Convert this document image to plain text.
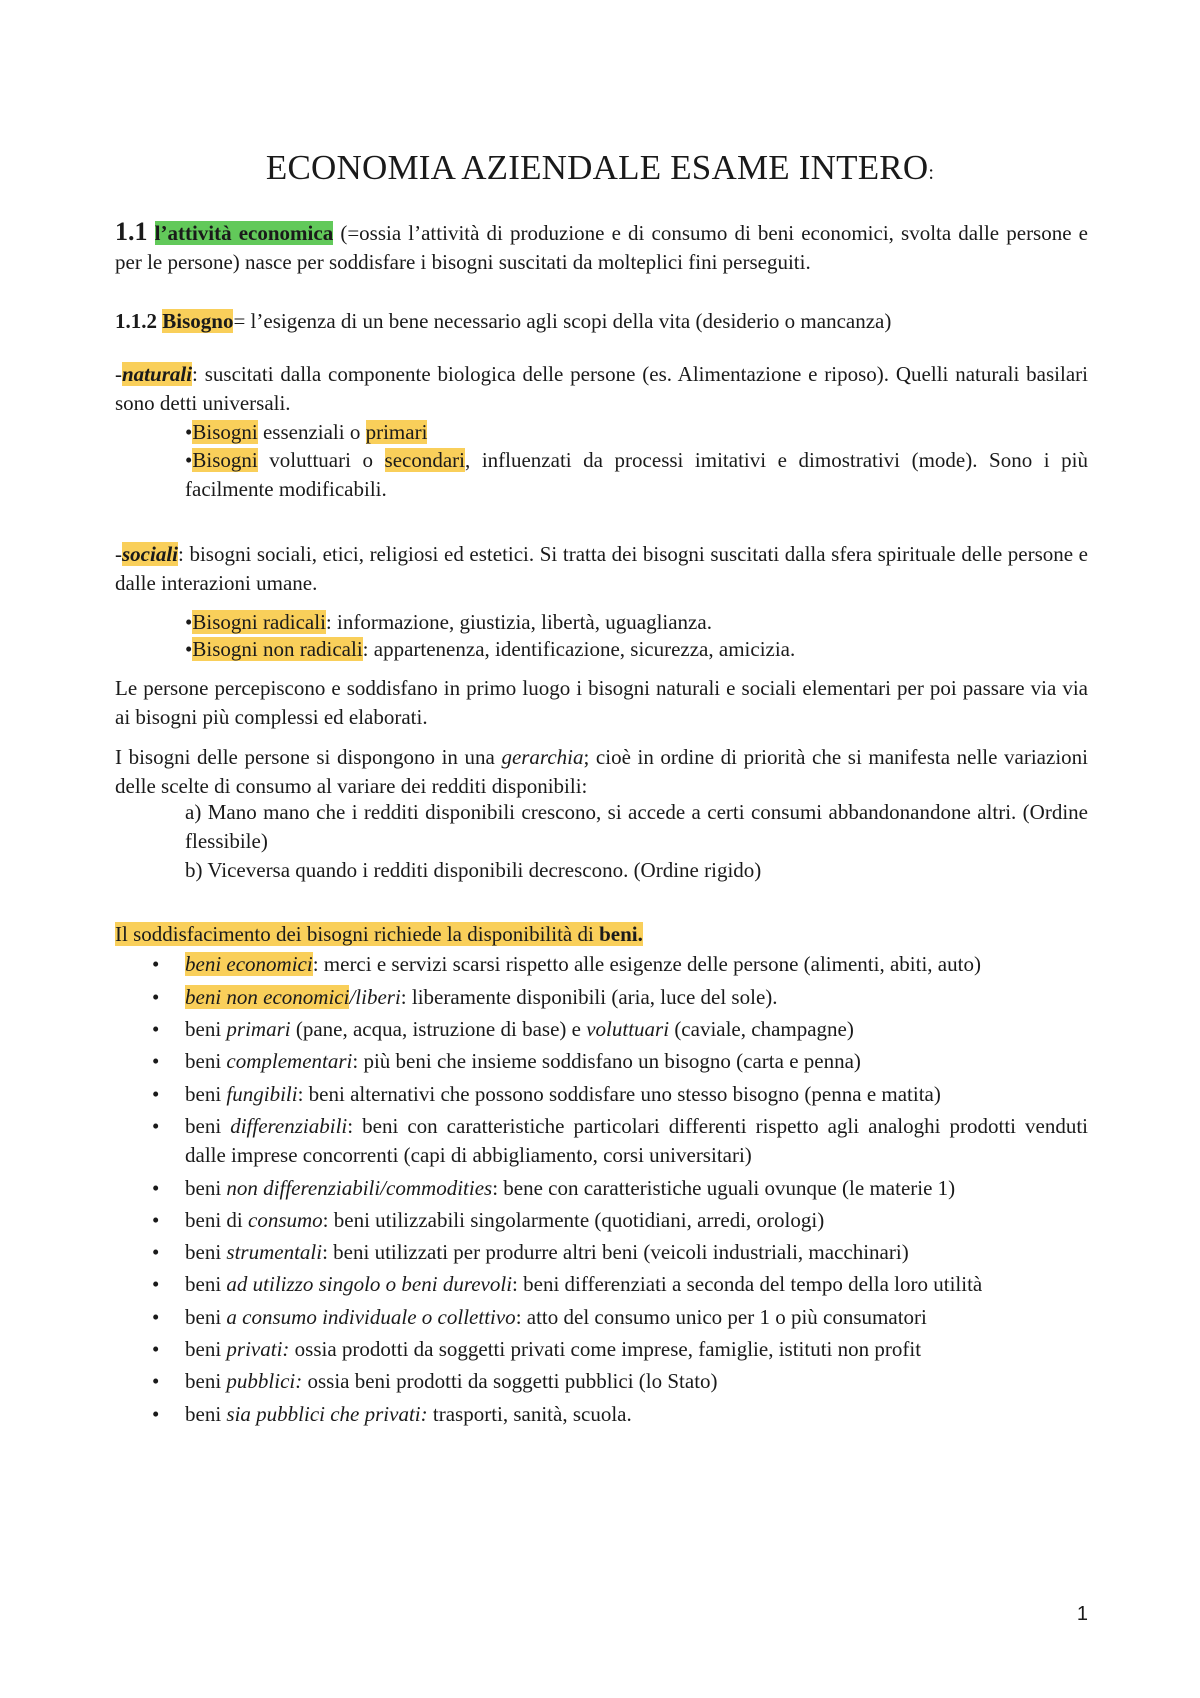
ECONOMIA AZIENDALE ESAME INTERO:
1.1 l’attività economica (=ossia l’attività di produzione e di consumo di beni economici, svolta dalle persone e per le persone) nasce per soddisfare i bisogni suscitati da molteplici fini perseguiti.
1.1.2 Bisogno= l’esigenza di un bene necessario agli scopi della vita (desiderio o mancanza)
-naturali: suscitati dalla componente biologica delle persone (es. Alimentazione e riposo). Quelli naturali basilari sono detti universali.
•Bisogni essenziali o primari
•Bisogni voluttuari o secondari, influenzati da processi imitativi e dimostrativi (mode). Sono i più facilmente modificabili.
-sociali: bisogni sociali, etici, religiosi ed estetici. Si tratta dei bisogni suscitati dalla sfera spirituale delle persone e dalle interazioni umane.
•Bisogni radicali: informazione, giustizia, libertà, uguaglianza.
•Bisogni non radicali: appartenenza, identificazione, sicurezza, amicizia.
Le persone percepiscono e soddisfano in primo luogo i bisogni naturali e sociali elementari per poi passare via via ai bisogni più complessi ed elaborati.
I bisogni delle persone si dispongono in una gerarchia; cioè in ordine di priorità che si manifesta nelle variazioni delle scelte di consumo al variare dei redditi disponibili:
a) Mano mano che i redditi disponibili crescono, si accede a certi consumi abbandonandone altri. (Ordine flessibile)
b) Viceversa quando i redditi disponibili decrescono. (Ordine rigido)
Il soddisfacimento dei bisogni richiede la disponibilità di beni.
• beni economici: merci e servizi scarsi rispetto alle esigenze delle persone (alimenti, abiti, auto)
• beni non economici/liberi: liberamente disponibili (aria, luce del sole).
• beni primari (pane, acqua, istruzione di base) e voluttuari (caviale, champagne)
• beni complementari: più beni che insieme soddisfano un bisogno (carta e penna)
• beni fungibili: beni alternativi che possono soddisfare uno stesso bisogno (penna e matita)
• beni differenziabili: beni con caratteristiche particolari differenti rispetto agli analoghi prodotti venduti dalle imprese concorrenti (capi di abbigliamento, corsi universitari)
• beni non differenziabili/commodities: bene con caratteristiche uguali ovunque (le materie 1)
• beni di consumo: beni utilizzabili singolarmente (quotidiani, arredi, orologi)
• beni strumentali: beni utilizzati per produrre altri beni (veicoli industriali, macchinari)
• beni ad utilizzo singolo o beni durevoli: beni differenziati a seconda del tempo della loro utilità
• beni a consumo individuale o collettivo: atto del consumo unico per 1 o più consumatori
• beni privati: ossia prodotti da soggetti privati come imprese, famiglie, istituti non profit
• beni pubblici: ossia beni prodotti da soggetti pubblici (lo Stato)
• beni sia pubblici che privati: trasporti, sanità, scuola.
1
